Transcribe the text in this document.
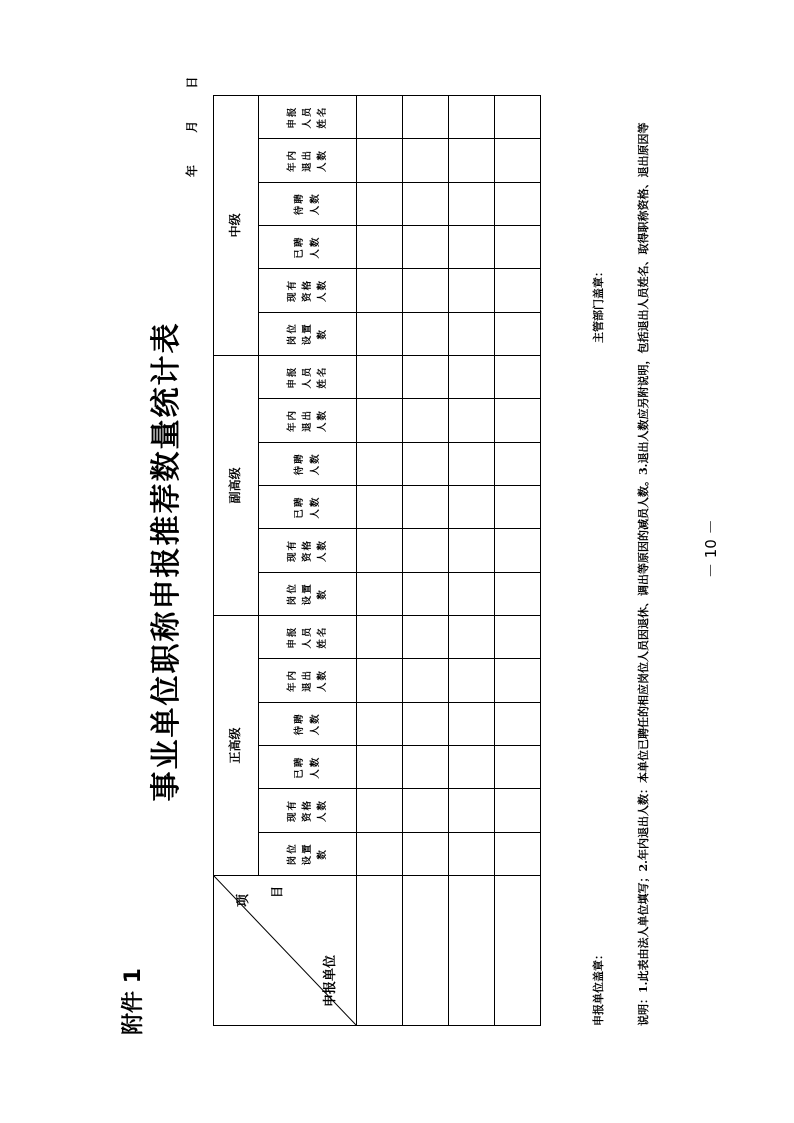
附件 1
事业单位职称申报推荐数量统计表
年 月 日
项
目
申报单位	正高级						副高级						中级					
	岗位设置数	现有资格人数	已聘人数	待聘人数	年内退出人数	申报人员姓名	岗位设置数	现有资格人数	已聘人数	待聘人数	年内退出人数	申报人员姓名	岗位设置数	现有资格人数	已聘人数	待聘人数	年内退出人数	申报人员姓名

申报单位盖章：
主管部门盖章：	说明：1.此表由法人单位填写；2.年内退出人数：本单位已聘任的相应岗位人员因退休、调出等原因的减员人数。3.退出人数应另附说明，包括退出人员姓名、取得职称资格、退出原因等	－ 10 －
